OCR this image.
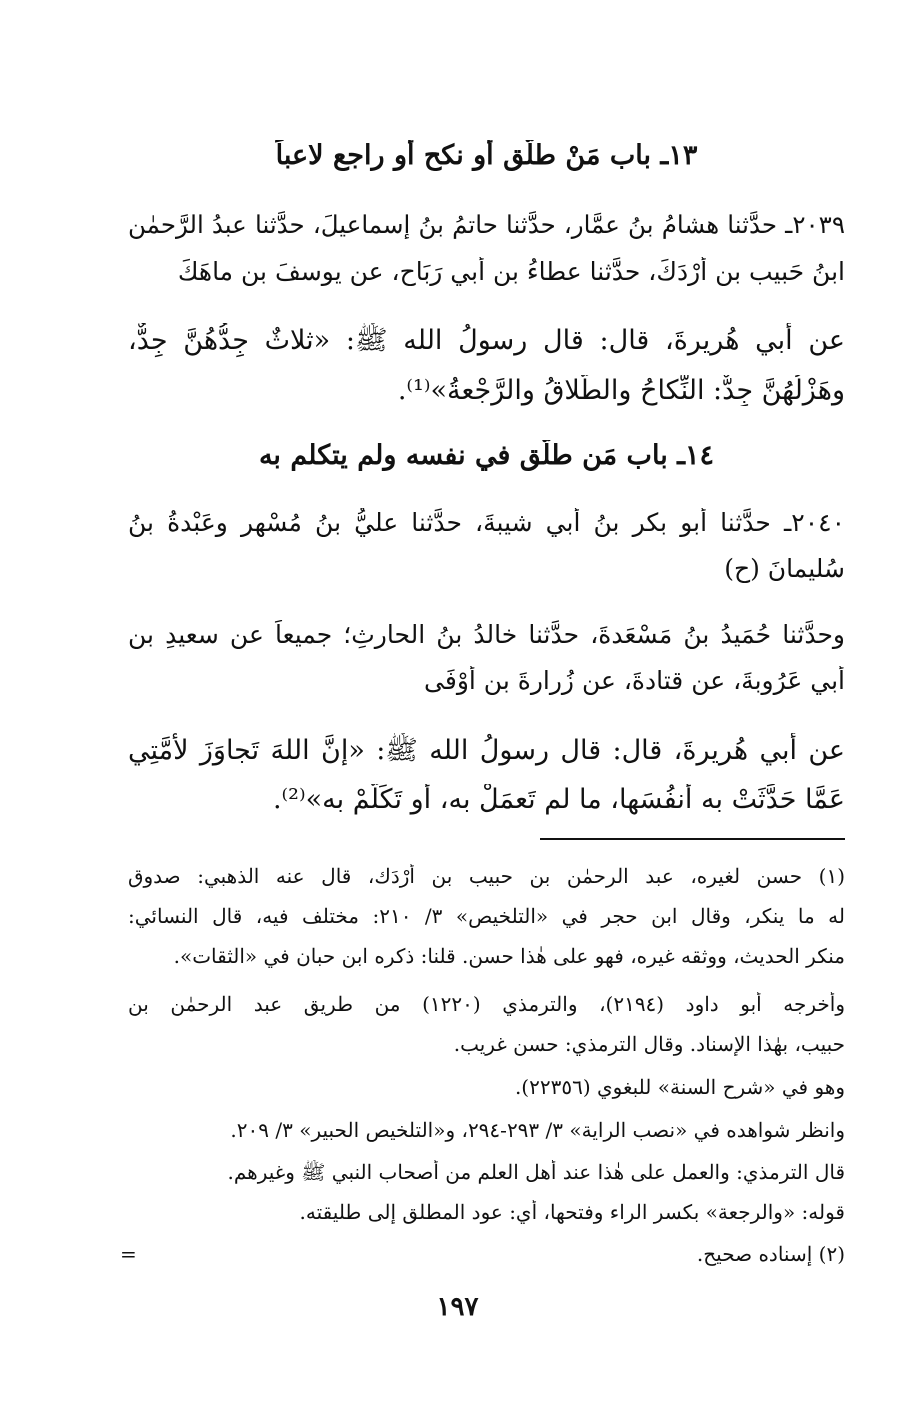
١٣ـ باب مَنْ طلَّق أو نكح أو راجع لاعباً
٢٠٣٩ـ حدَّثنا هشامُ بنُ عمَّار، حدَّثنا حاتمُ بنُ إسماعيلَ، حدَّثنا عبدُ الرَّحمٰنِ
ابنُ حَبيب بنِ أرْدَكَ، حدَّثنا عطاءُ بن أبي رَبَاحٍ، عن يوسفَ بن ماهَكَ
عن أبي هُريرةَ، قال: قال رسولُ الله ﷺ: «ثلاثٌ جِدُّهُنَّ جِدٌّ،
وهَزْلُهُنَّ جِدٌّ: النِّكاحُ والطَّلاقُ والرَّجْعةُ»⁽¹⁾.
١٤ـ باب مَن طلَّق في نفسه ولم يتكلم به
٢٠٤٠ـ حدَّثنا أبو بكرِ بنُ أبي شيبةَ، حدَّثنا عليُّ بنُ مُسْهِرٍ وعَبْدةُ بنُ
سُليمانَ (ح)
وحدَّثنا حُمَيدُ بنُ مَسْعَدةَ، حدَّثنا خالدُ بنُ الحارثِ؛ جميعاً عن سعيدِ بن
أبي عَرُوبةَ، عن قتادةَ، عن زُرارةَ بنِ أوْفَى
عن أبي هُريرةَ، قال: قال رسولُ الله ﷺ: «إنَّ اللهَ تَجاوَزَ لأُمَّتِي
عَمَّا حَدَّثَتْ به أنفُسَها، ما لم تَعمَلْ به، أو تَكَلَّمْ به»⁽²⁾.
(١) حسن لغيره، عبد الرحمٰن بن حبيب بن أرْدَك، قال عنه الذهبي: صدوق
له ما ينكر، وقال ابن حجر في «التلخيص» ٣/ ٢١٠: مختلف فيه، قال النسائي:
منكر الحديث، ووثقه غيره، فهو على هٰذا حسن. قلنا: ذكره ابن حبان في «الثقات».
وأخرجه أبو داود (٢١٩٤)، والترمذي (١٢٢٠) من طريق عبد الرحمٰن بن
حبيب، بهٰذا الإسناد. وقال الترمذي: حسن غريب.
وهو في «شرح السنة» للبغوي (٢٢٣٥٦).
وانظر شواهده في «نصب الراية» ٣/ ٢٩٣-٢٩٤، و«التلخيص الحبير» ٣/ ٢٠٩.
قال الترمذي: والعمل على هٰذا عند أهل العلم من أصحاب النبي ﷺ وغيرهم.
قوله: «والرجعة» بكسر الراء وفتحها، أي: عود المطلق إلى طليقته.
(٢) إسناده صحيح.
=
١٩٧
